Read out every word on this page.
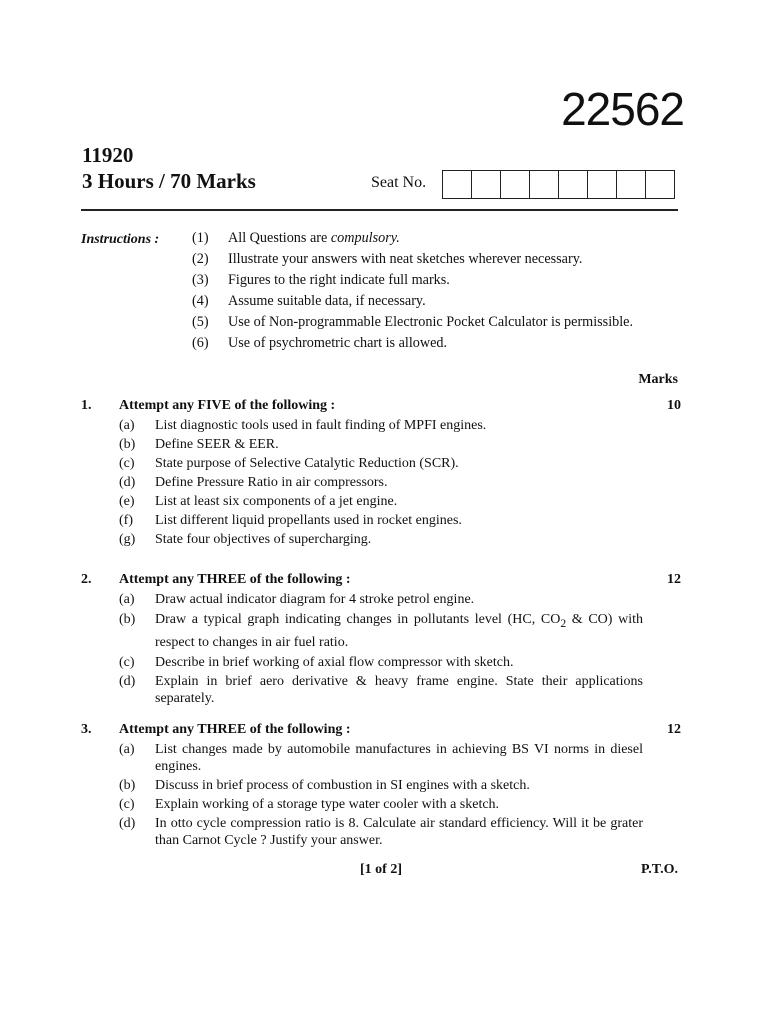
22562
11920
3 Hours / 70 Marks	Seat No.
Instructions : (1)	All Questions are compulsory.
(2)	Illustrate your answers with neat sketches wherever necessary.
(3)	Figures to the right indicate full marks.
(4)	Assume suitable data, if necessary.
(5)	Use of Non-programmable Electronic Pocket Calculator is permissible.
(6)	Use of psychrometric chart is allowed.
Marks
1.	Attempt any FIVE of the following :	10
(a)	List diagnostic tools used in fault finding of MPFI engines.
(b)	Define SEER & EER.
(c)	State purpose of Selective Catalytic Reduction (SCR).
(d)	Define Pressure Ratio in air compressors.
(e)	List at least six components of a jet engine.
(f)	List different liquid propellants used in rocket engines.
(g)	State four objectives of supercharging.
2.	Attempt any THREE of the following :	12
(a)	Draw actual indicator diagram for 4 stroke petrol engine.
(b)	Draw a typical graph indicating changes in pollutants level (HC, $CO_2$ & CO) with respect to changes in air fuel ratio.
(c)	Describe in brief working of axial flow compressor with sketch.
(d)	Explain in brief aero derivative & heavy frame engine. State their applications separately.
3.	Attempt any THREE of the following :	12
(a)	List changes made by automobile manufactures in achieving BS VI norms in diesel engines.
(b)	Discuss in brief process of combustion in SI engines with a sketch.
(c)	Explain working of a storage type water cooler with a sketch.
(d)	In otto cycle compression ratio is 8. Calculate air standard efficiency. Will it be grater than Carnot Cycle ? Justify your answer.
[1 of 2]	P.T.O.
